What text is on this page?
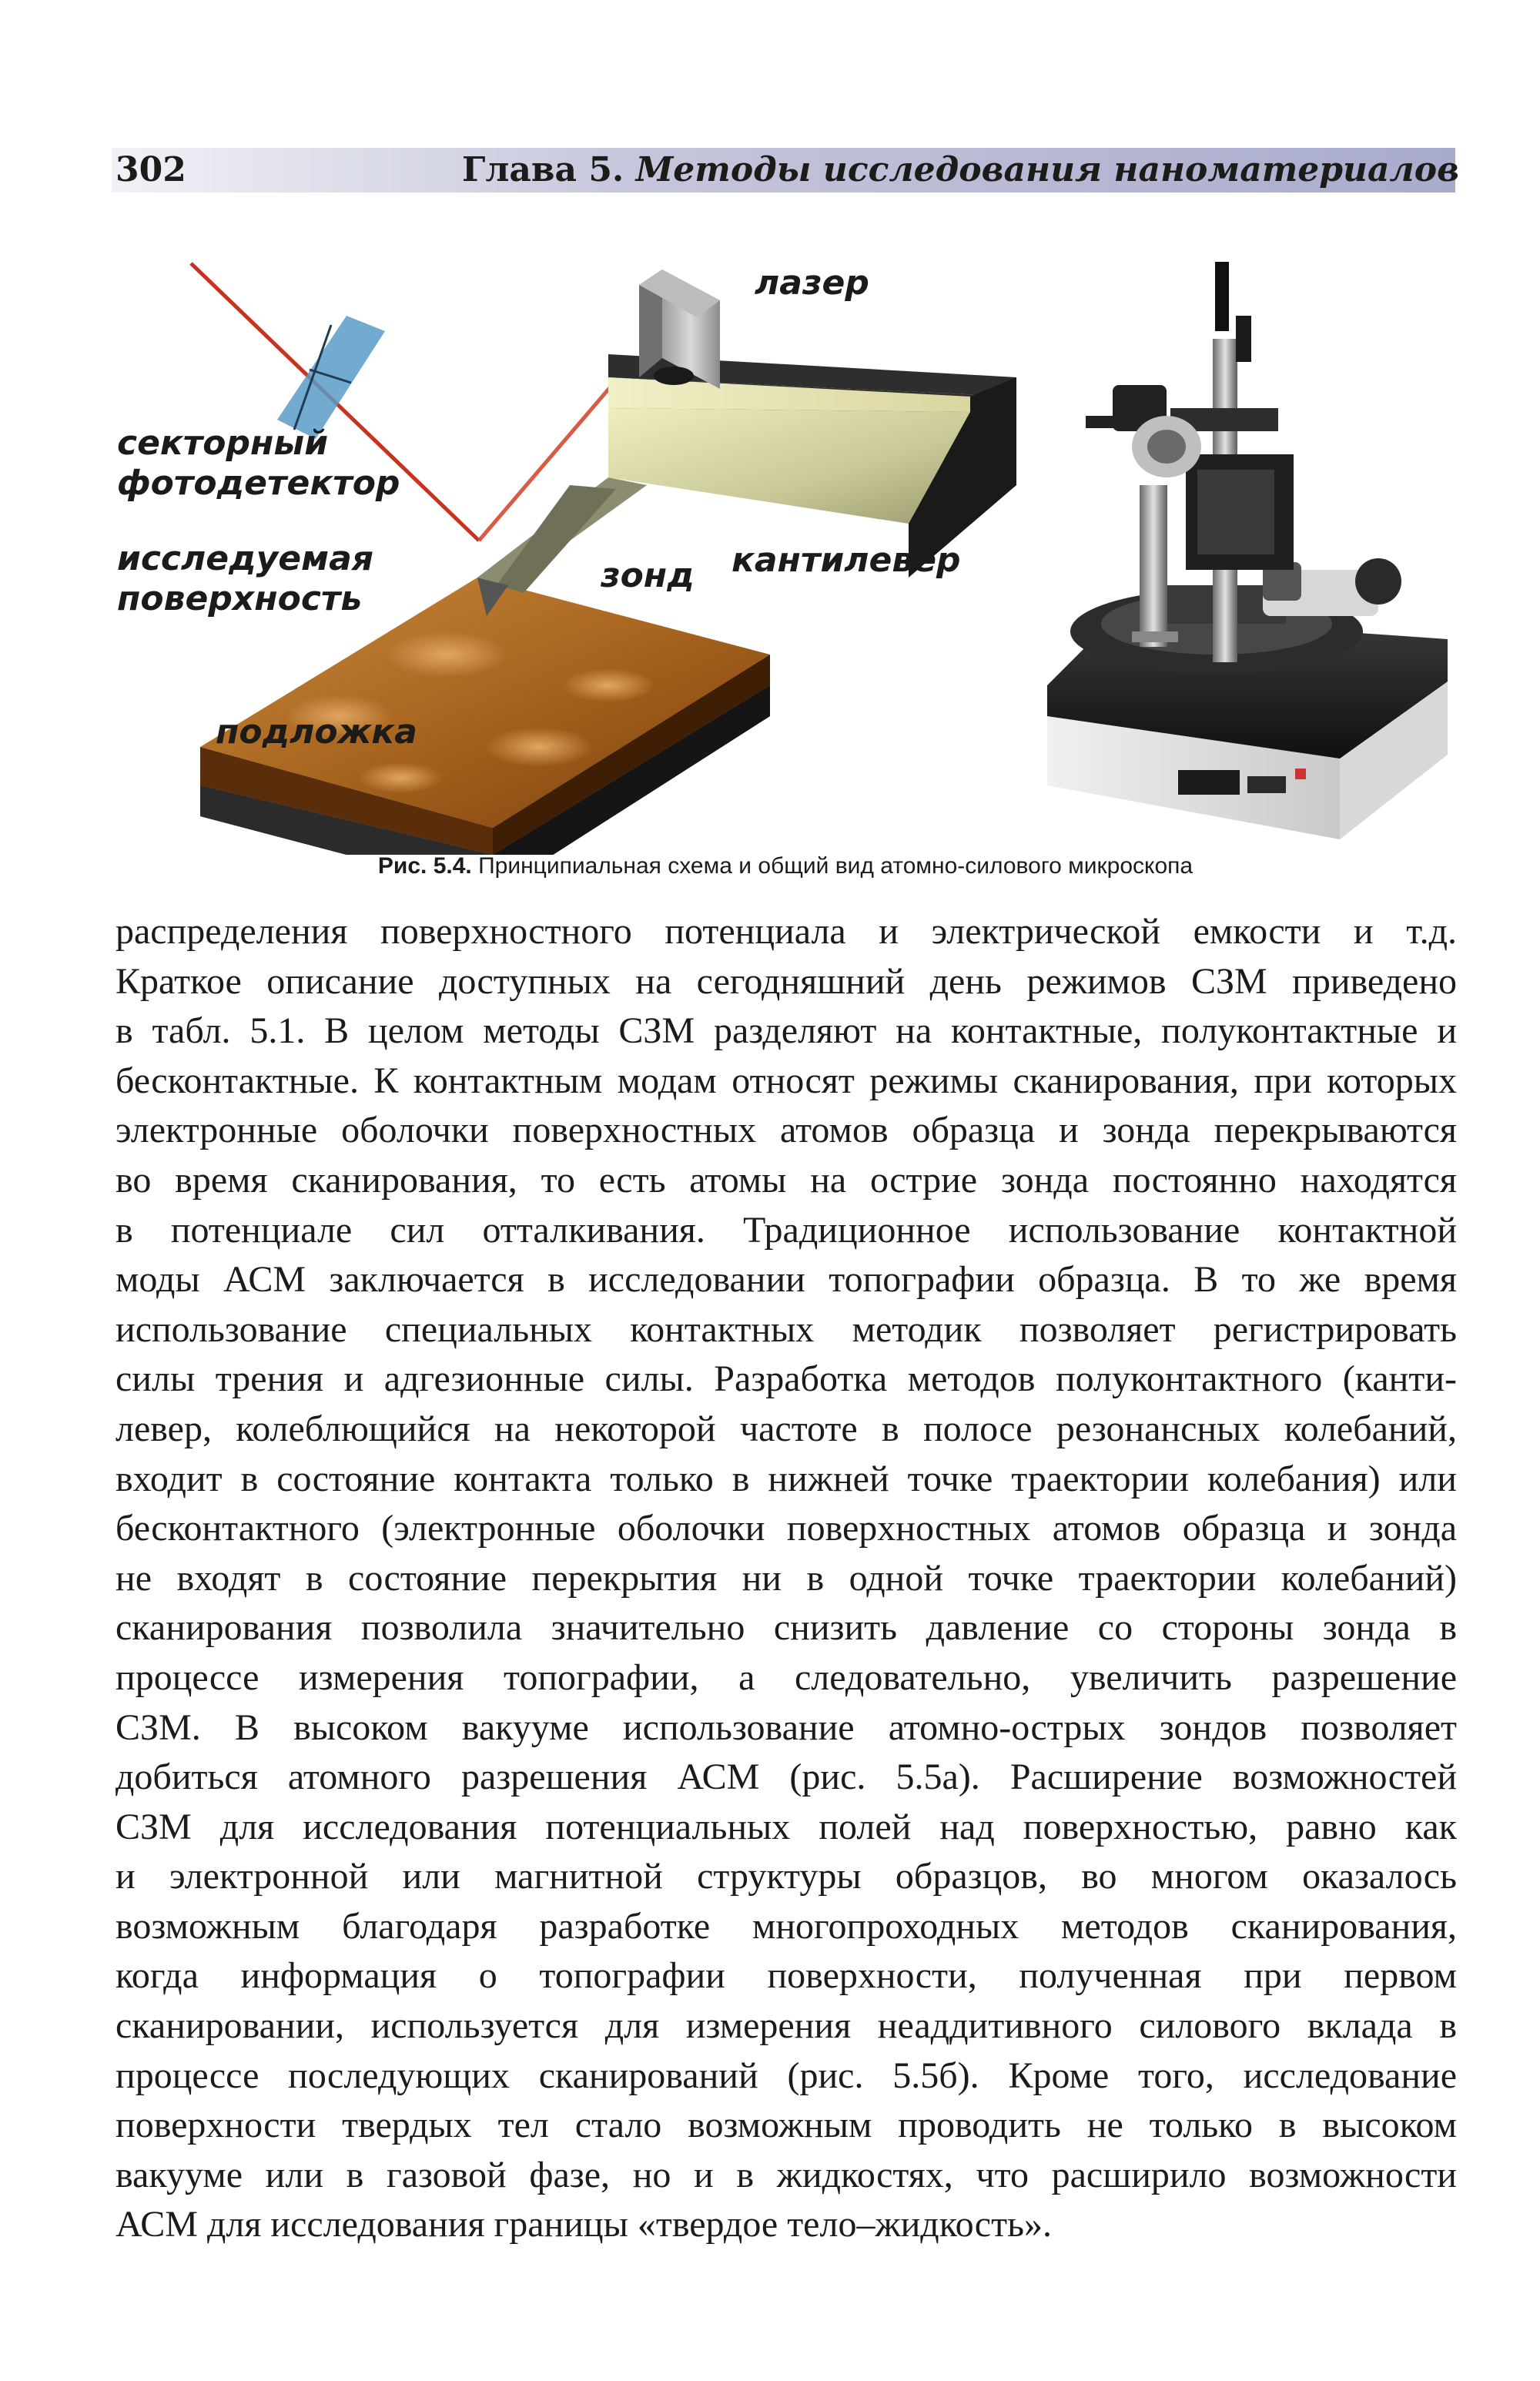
302	Глава 5. Методы исследования наноматериалов
лазер
секторный
фотодетектор
исследуемая
поверхность
зонд кантилевер
подложка
Рис. 5.4. Принципиальная схема и общий вид атомно-силового микроскопа
распределения поверхностного потенциала и электрической емкости и т.д.
Краткое описание доступных на сегодняшний день режимов СЗМ приведено
в табл. 5.1. В целом методы СЗМ разделяют на контактные, полуконтактные и
бесконтактные. К контактным модам относят режимы сканирования, при которых
электронные оболочки поверхностных атомов образца и зонда перекрываются
во время сканирования, то есть атомы на острие зонда постоянно находятся
в потенциале сил отталкивания. Традиционное использование контактной
моды АСМ заключается в исследовании топографии образца. В то же время
использование специальных контактных методик позволяет регистрировать
силы трения и адгезионные силы. Разработка методов полуконтактного (канти-
левер, колеблющийся на некоторой частоте в полосе резонансных колебаний,
входит в состояние контакта только в нижней точке траектории колебания) или
бесконтактного (электронные оболочки поверхностных атомов образца и зонда
не входят в состояние перекрытия ни в одной точке траектории колебаний)
сканирования позволила значительно снизить давление со стороны зонда в
процессе измерения топографии, а следовательно, увеличить разрешение
СЗМ. В высоком вакууме использование атомно-острых зондов позволяет
добиться атомного разрешения АСМ (рис. 5.5а). Расширение возможностей
СЗМ для исследования потенциальных полей над поверхностью, равно как
и электронной или магнитной структуры образцов, во многом оказалось
возможным благодаря разработке многопроходных методов сканирования,
когда информация о топографии поверхности, полученная при первом
сканировании, используется для измерения неаддитивного силового вклада в
процессе последующих сканирований (рис. 5.5б). Кроме того, исследование
поверхности твердых тел стало возможным проводить не только в высоком
вакууме или в газовой фазе, но и в жидкостях, что расширило возможности
АСМ для исследования границы «твердое тело–жидкость».
